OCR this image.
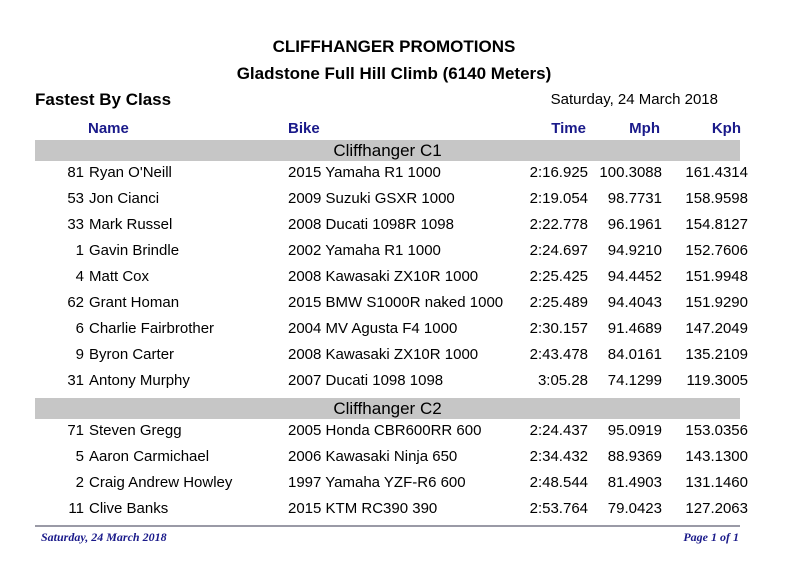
CLIFFHANGER PROMOTIONS
Gladstone Full Hill Climb (6140 Meters)
Fastest By Class	Saturday, 24 March 2018
Name	Bike	Time	Mph	Kph
Cliffhanger C1
81 Ryan O'Neill	2015 Yamaha R1 1000	2:16.925 100.3088	161.4314
53 Jon Cianci	2009 Suzuki GSXR 1000	2:19.054	98.7731	158.9598
33 Mark Russel	2008 Ducati 1098R 1098	2:22.778	96.1961	154.8127
1 Gavin Brindle	2002 Yamaha R1 1000	2:24.697	94.9210	152.7606
4 Matt Cox	2008 Kawasaki ZX10R 1000	2:25.425	94.4452	151.9948
62 Grant Homan	2015 BMW S1000R naked 1000	2:25.489	94.4043	151.9290
6 Charlie Fairbrother	2004 MV Agusta F4 1000	2:30.157	91.4689	147.2049
9 Byron Carter	2008 Kawasaki ZX10R 1000	2:43.478	84.0161	135.2109
31 Antony Murphy	2007 Ducati 1098 1098	3:05.28	74.1299	119.3005
Cliffhanger C2
71 Steven Gregg	2005 Honda CBR600RR 600	2:24.437	95.0919	153.0356
5 Aaron Carmichael	2006 Kawasaki Ninja 650	2:34.432	88.9369	143.1300
2 Craig Andrew Howley	1997 Yamaha YZF-R6 600	2:48.544	81.4903	131.1460
11 Clive Banks	2015 KTM RC390 390	2:53.764	79.0423	127.2063
Saturday, 24 March 2018	Page 1 of 1
